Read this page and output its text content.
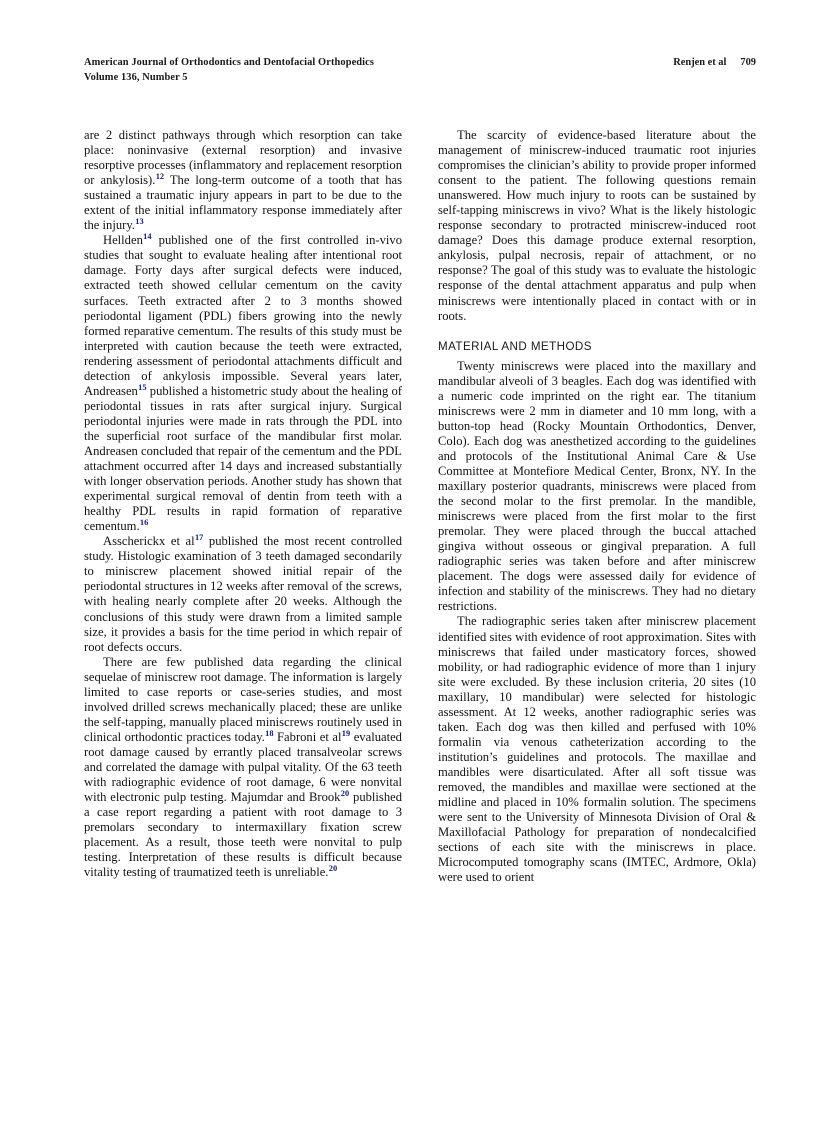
American Journal of Orthodontics and Dentofacial Orthopedics
Volume 136, Number 5
Renjen et al 709

are 2 distinct pathways through which resorption can take place: noninvasive (external resorption) and invasive resorptive processes (inflammatory and replacement resorption or ankylosis).$^{12}$ The long-term outcome of a tooth that has sustained a traumatic injury appears in part to be due to the extent of the initial inflammatory response immediately after the injury.$^{13}$

Hellden$^{14}$ published one of the first controlled in-vivo studies that sought to evaluate healing after intentional root damage. Forty days after surgical defects were induced, extracted teeth showed cellular cementum on the cavity surfaces. Teeth extracted after 2 to 3 months showed periodontal ligament (PDL) fibers growing into the newly formed reparative cementum. The results of this study must be interpreted with caution because the teeth were extracted, rendering assessment of periodontal attachments difficult and detection of ankylosis impossible. Several years later, Andreasen$^{15}$ published a histometric study about the healing of periodontal tissues in rats after surgical injury. Surgical periodontal injuries were made in rats through the PDL into the superficial root surface of the mandibular first molar. Andreasen concluded that repair of the cementum and the PDL attachment occurred after 14 days and increased substantially with longer observation periods. Another study has shown that experimental surgical removal of dentin from teeth with a healthy PDL results in rapid formation of reparative cementum.$^{16}$

Asscherickx et al$^{17}$ published the most recent controlled study. Histologic examination of 3 teeth damaged secondarily to miniscrew placement showed initial repair of the periodontal structures in 12 weeks after removal of the screws, with healing nearly complete after 20 weeks. Although the conclusions of this study were drawn from a limited sample size, it provides a basis for the time period in which repair of root defects occurs.

There are few published data regarding the clinical sequelae of miniscrew root damage. The information is largely limited to case reports or case-series studies, and most involved drilled screws mechanically placed; these are unlike the self-tapping, manually placed miniscrews routinely used in clinical orthodontic practices today.$^{18}$ Fabroni et al$^{19}$ evaluated root damage caused by errantly placed transalveolar screws and correlated the damage with pulpal vitality. Of the 63 teeth with radiographic evidence of root damage, 6 were nonvital with electronic pulp testing. Majumdar and Brook$^{20}$ published a case report regarding a patient with root damage to 3 premolars secondary to intermaxillary fixation screw placement. As a result, those teeth were nonvital to pulp testing. Interpretation of these results is difficult because vitality testing of traumatized teeth is unreliable.$^{20}$

The scarcity of evidence-based literature about the management of miniscrew-induced traumatic root injuries compromises the clinician’s ability to provide proper informed consent to the patient. The following questions remain unanswered. How much injury to roots can be sustained by self-tapping miniscrews in vivo? What is the likely histologic response secondary to protracted miniscrew-induced root damage? Does this damage produce external resorption, ankylosis, pulpal necrosis, repair of attachment, or no response? The goal of this study was to evaluate the histologic response of the dental attachment apparatus and pulp when miniscrews were intentionally placed in contact with or in roots.

MATERIAL AND METHODS

Twenty miniscrews were placed into the maxillary and mandibular alveoli of 3 beagles. Each dog was identified with a numeric code imprinted on the right ear. The titanium miniscrews were 2 mm in diameter and 10 mm long, with a button-top head (Rocky Mountain Orthodontics, Denver, Colo). Each dog was anesthetized according to the guidelines and protocols of the Institutional Animal Care & Use Committee at Montefiore Medical Center, Bronx, NY. In the maxillary posterior quadrants, miniscrews were placed from the second molar to the first premolar. In the mandible, miniscrews were placed from the first molar to the first premolar. They were placed through the buccal attached gingiva without osseous or gingival preparation. A full radiographic series was taken before and after miniscrew placement. The dogs were assessed daily for evidence of infection and stability of the miniscrews. They had no dietary restrictions.

The radiographic series taken after miniscrew placement identified sites with evidence of root approximation. Sites with miniscrews that failed under masticatory forces, showed mobility, or had radiographic evidence of more than 1 injury site were excluded. By these inclusion criteria, 20 sites (10 maxillary, 10 mandibular) were selected for histologic assessment. At 12 weeks, another radiographic series was taken. Each dog was then killed and perfused with 10% formalin via venous catheterization according to the institution’s guidelines and protocols. The maxillae and mandibles were disarticulated. After all soft tissue was removed, the mandibles and maxillae were sectioned at the midline and placed in 10% formalin solution. The specimens were sent to the University of Minnesota Division of Oral & Maxillofacial Pathology for preparation of nondecalcified sections of each site with the miniscrews in place. Microcomputed tomography scans (IMTEC, Ardmore, Okla) were used to orient
